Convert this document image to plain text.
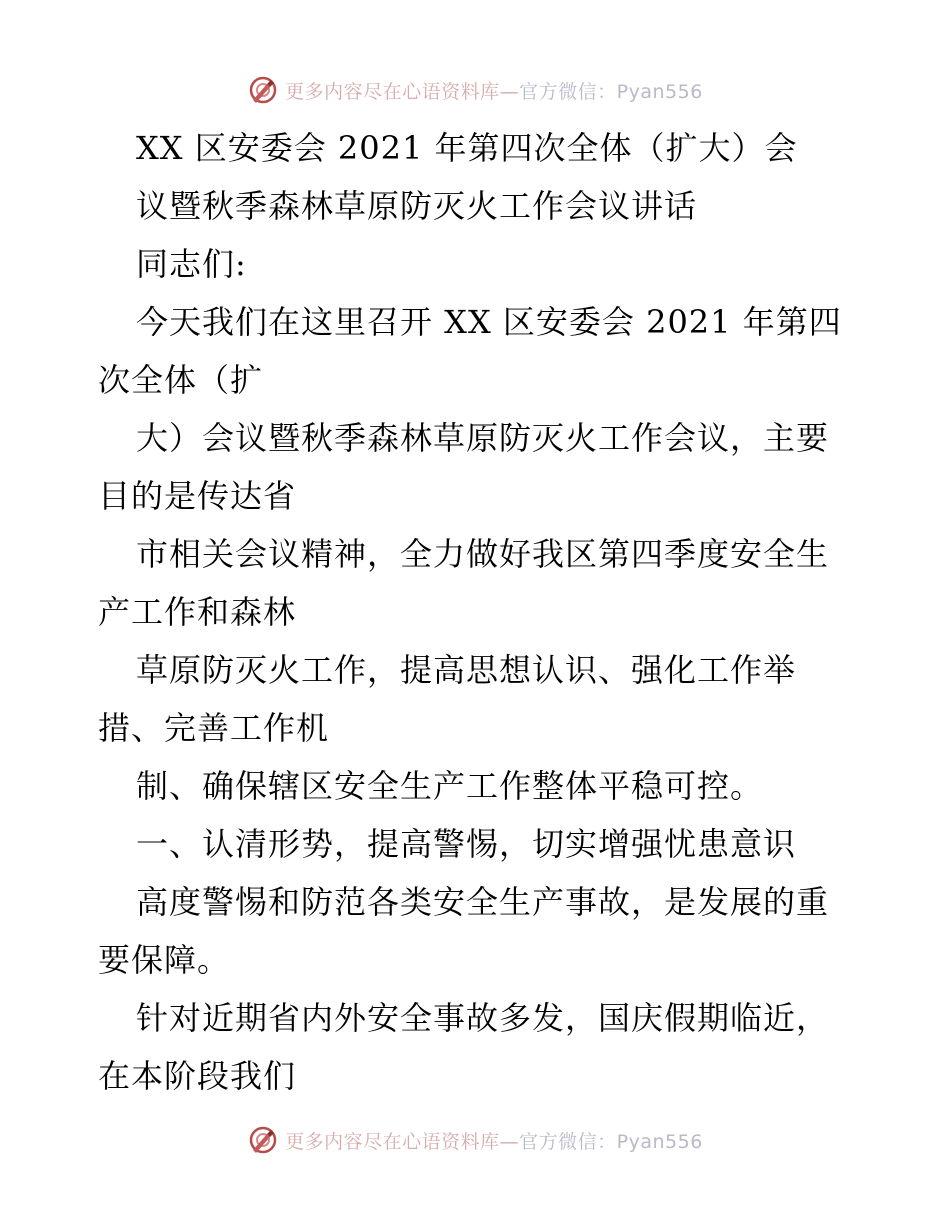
更多内容尽在心语资料库—官方微信：Pyan556
XX 区安委会 2021 年第四次全体（扩大）会
议暨秋季森林草原防灭火工作会议讲话
同志们:
今天我们在这里召开 XX 区安委会 2021 年第四
次全体（扩
大）会议暨秋季森林草原防灭火工作会议，主要
目的是传达省
市相关会议精神，全力做好我区第四季度安全生
产工作和森林
草原防灭火工作，提高思想认识、强化工作举
措、完善工作机
制、确保辖区安全生产工作整体平稳可控。
一、认清形势，提高警惕，切实增强忧患意识
高度警惕和防范各类安全生产事故，是发展的重
要保障。
针对近期省内外安全事故多发，国庆假期临近，
在本阶段我们
更多内容尽在心语资料库—官方微信：Pyan556
